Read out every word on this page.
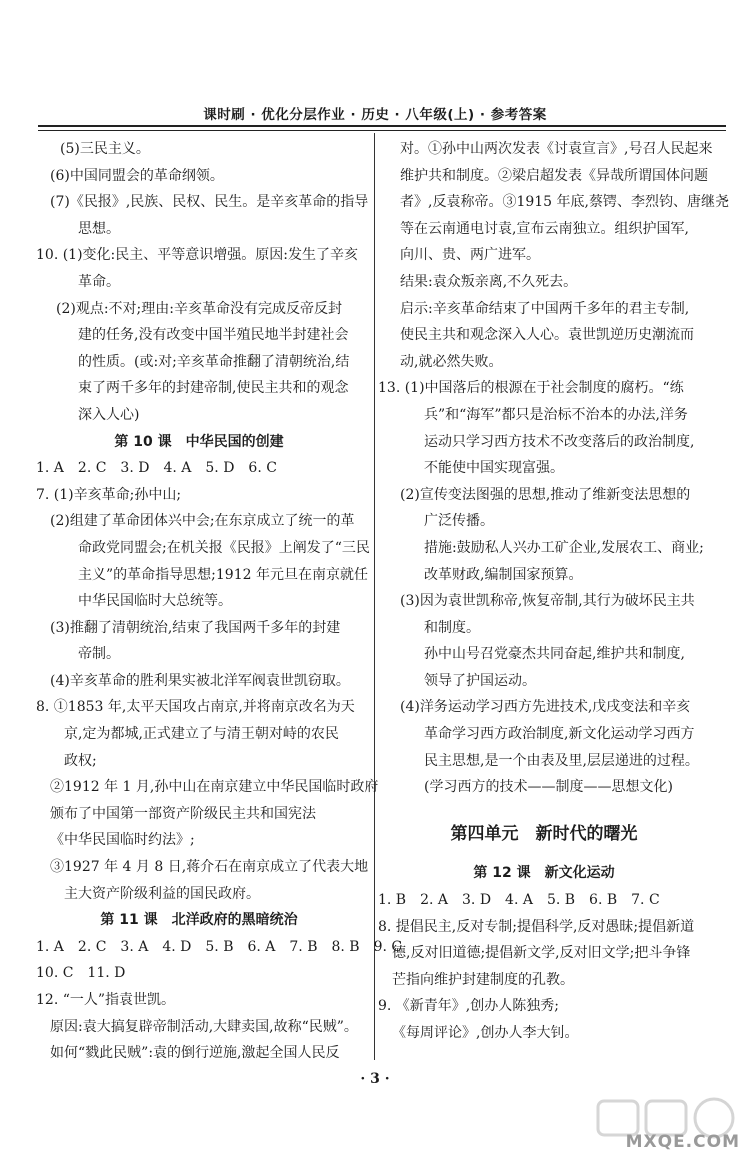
课时刷 · 优化分层作业 · 历史 · 八年级(上) · 参考答案
(5)三民主义。
(6)中国同盟会的革命纲领。
(7)《民报》,民族、民权、民生。是辛亥革命的指导
思想。
10. (1)变化:民主、平等意识增强。原因:发生了辛亥
革命。
(2)观点:不对;理由:辛亥革命没有完成反帝反封
建的任务,没有改变中国半殖民地半封建社会
的性质。(或:对;辛亥革命推翻了清朝统治,结
束了两千多年的封建帝制,使民主共和的观念
深入人心)
第 10 课　中华民国的创建
1. A　2. C　3. D　4. A　5. D　6. C
7. (1)辛亥革命;孙中山;
(2)组建了革命团体兴中会;在东京成立了统一的革
命政党同盟会;在机关报《民报》上阐发了“三民
主义”的革命指导思想;1912 年元旦在南京就任
中华民国临时大总统等。
(3)推翻了清朝统治,结束了我国两千多年的封建
帝制。
(4)辛亥革命的胜利果实被北洋军阀袁世凯窃取。
8. ①1853 年,太平天国攻占南京,并将南京改名为天
京,定为都城,正式建立了与清王朝对峙的农民
政权;
②1912 年 1 月,孙中山在南京建立中华民国临时政府
颁布了中国第一部资产阶级民主共和国宪法
《中华民国临时约法》;
③1927 年 4 月 8 日,蒋介石在南京成立了代表大地
主大资产阶级利益的国民政府。
第 11 课　北洋政府的黑暗统治
1. A　2. C　3. A　4. D　5. B　6. A　7. B　8. B　9. C
10. C　11. D
12. “一人”指袁世凯。
原因:袁大搞复辟帝制活动,大肆卖国,故称“民贼”。
如何“戮此民贼”:袁的倒行逆施,激起全国人民反
对。①孙中山两次发表《讨袁宣言》,号召人民起来
维护共和制度。②梁启超发表《异哉所谓国体问题
者》,反袁称帝。③1915 年底,蔡锷、李烈钧、唐继尧
等在云南通电讨袁,宣布云南独立。组织护国军,
向川、贵、两广进军。
结果:袁众叛亲离,不久死去。
启示:辛亥革命结束了中国两千多年的君主专制,
使民主共和观念深入人心。袁世凯逆历史潮流而
动,就必然失败。
13. (1)中国落后的根源在于社会制度的腐朽。“练
兵”和“海军”都只是治标不治本的办法,洋务
运动只学习西方技术不改变落后的政治制度,
不能使中国实现富强。
(2)宣传变法图强的思想,推动了维新变法思想的
广泛传播。
措施:鼓励私人兴办工矿企业,发展农工、商业;
改革财政,编制国家预算。
(3)因为袁世凯称帝,恢复帝制,其行为破坏民主共
和制度。
孙中山号召党豪杰共同奋起,维护共和制度,
领导了护国运动。
(4)洋务运动学习西方先进技术,戊戌变法和辛亥
革命学习西方政治制度,新文化运动学习西方
民主思想,是一个由表及里,层层递进的过程。
(学习西方的技术——制度——思想文化)
第四单元　新时代的曙光
第 12 课　新文化运动
1. B　2. A　3. D　4. A　5. B　6. B　7. C
8. 提倡民主,反对专制;提倡科学,反对愚昧;提倡新道
德,反对旧道德;提倡新文学,反对旧文学;把斗争锋
芒指向维护封建制度的孔教。
9. 《新青年》,创办人陈独秀;
《每周评论》,创办人李大钊。
· 3 ·
MXQE.COM
